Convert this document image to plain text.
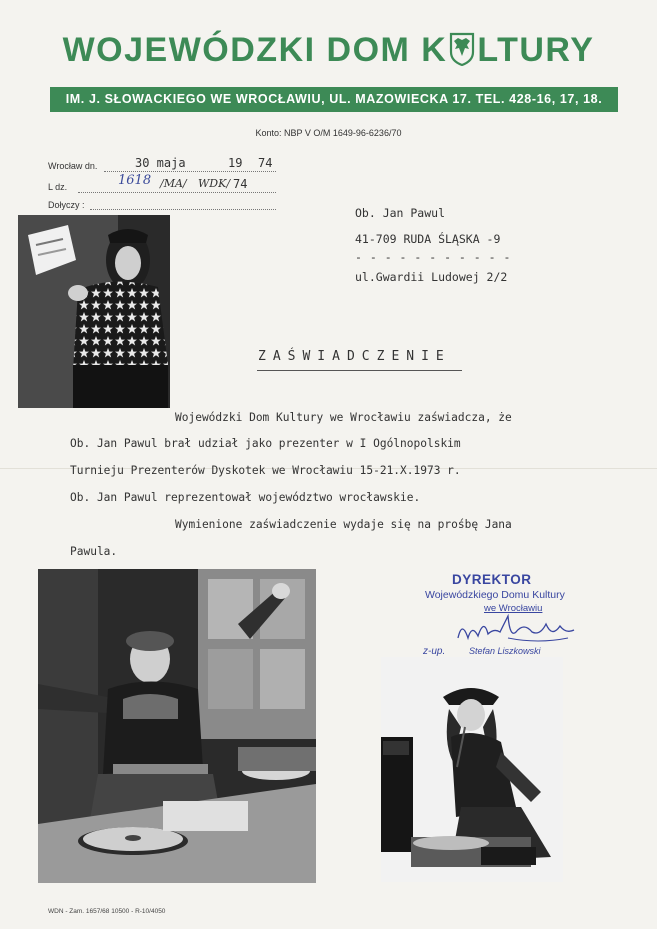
WOJEWÓDZKI DOM K LTURY
IM. J. SŁOWACKIEGO WE WROCŁAWIU, UL. MAZOWIECKA 17. TEL. 428-16, 17, 18.
Konto: NBP V O/M 1649-96-6236/70
Wrocław dn.	30 maja	19 74
L dz.	1618 /MA/ WDK/ 74
Dołyczy :
Ob. Jan Pawul
41-709 RUDA ŚLĄSKA -9
- - - - - - - - - - -
ul.Gwardii Ludowej 2/2
ZAŚWIADCZENIE
Wojewódzki Dom Kultury we Wrocławiu zaświadcza, że
Ob. Jan Pawul brał udział jako prezenter w I Ogólnopolskim
Turnieju Prezenterów Dyskotek we Wrocławiu 15-21.X.1973 r.
Ob. Jan Pawul reprezentował województwo wrocławskie.
Wymienione zaświadczenie wydaje się na prośbę Jana
Pawula.
DYREKTOR
Wojewódzkiego Domu Kultury
we Wrocławiu
z-up.	Stefan Liszkowski
WDN - Zam. 1657/68 10500 - R-10/4050
